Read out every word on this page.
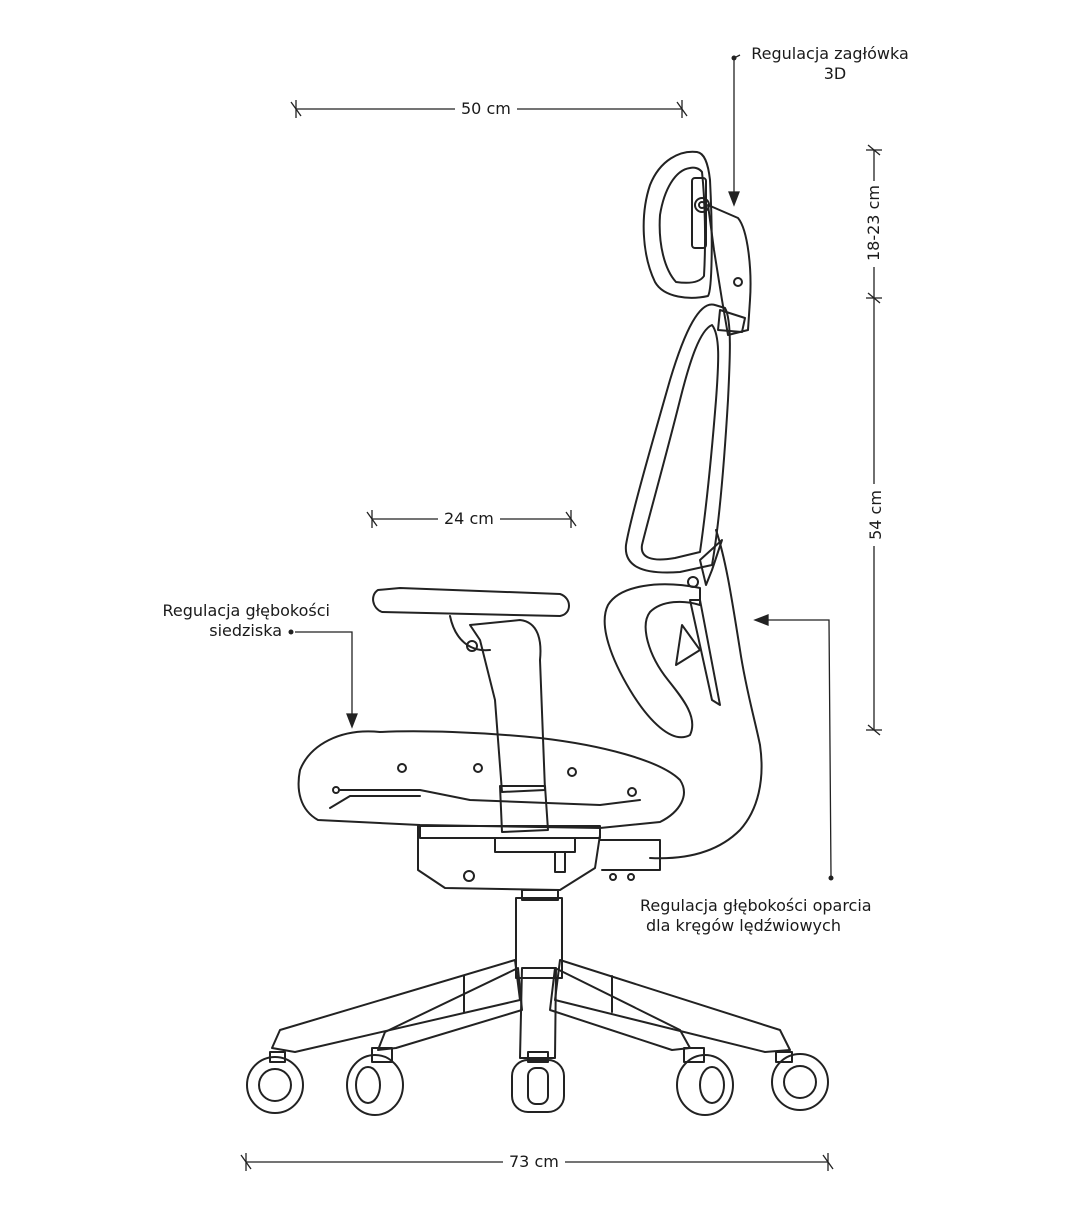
Regulacja zagłówka
3D
Regulacja głębokości
siedziska
Regulacja głębokości oparcia
dla kręgów lędźwiowych
50 cm
24 cm
73 cm
18-23 cm
54 cm
